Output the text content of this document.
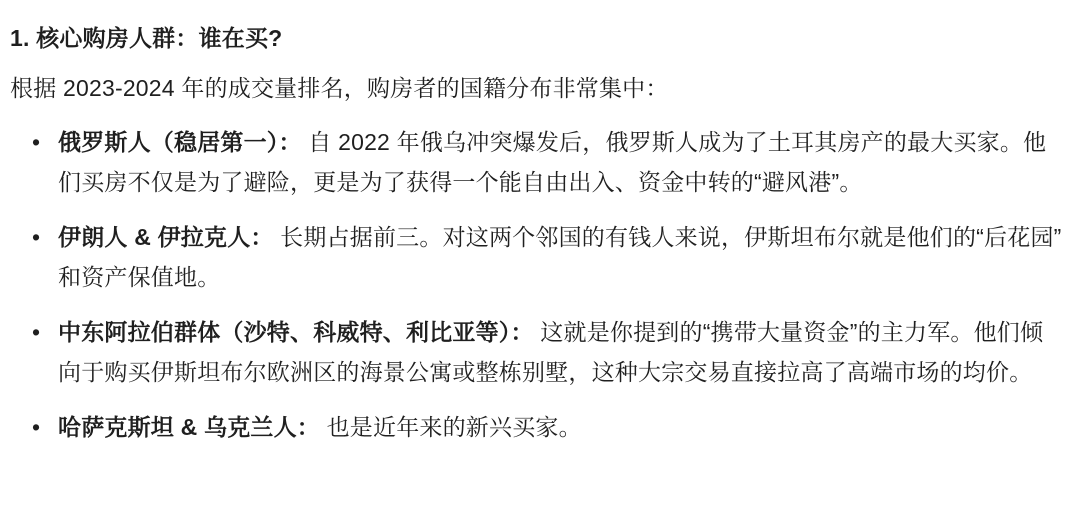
1. 核心购房人群：谁在买?

根据 2023-2024 年的成交量排名，购房者的国籍分布非常集中：

• 俄罗斯人（稳居第一）： 自 2022 年俄乌冲突爆发后，俄罗斯人成为了土耳其房产的最大买家。他们买房不仅是为了避险，更是为了获得一个能自由出入、资金中转的“避风港”。
• 伊朗人 & 伊拉克人： 长期占据前三。对这两个邻国的有钱人来说，伊斯坦布尔就是他们的“后花园”和资产保值地。
• 中东阿拉伯群体（沙特、科威特、利比亚等）： 这就是你提到的“携带大量资金”的主力军。他们倾向于购买伊斯坦布尔欧洲区的海景公寓或整栋别墅，这种大宗交易直接拉高了高端市场的均价。
• 哈萨克斯坦 & 乌克兰人： 也是近年来的新兴买家。
